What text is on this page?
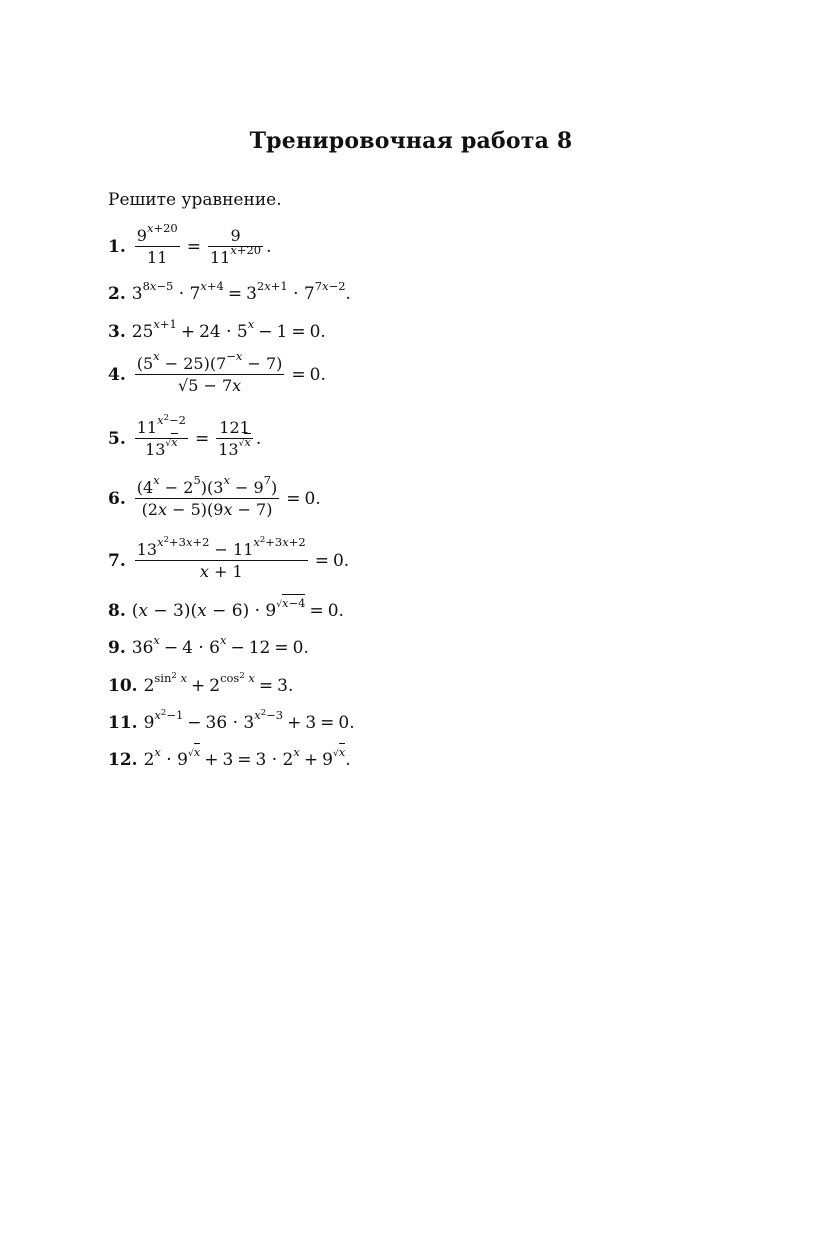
Тренировочная работа 8
Решите уравнение.
1. $\frac{9^{x+20}}{11} = \frac{9}{11^{x+20}}$ .
2. $3^{8x-5} \cdot 7^{x+4} = 3^{2x+1} \cdot 7^{7x-2}$.
3. $25^{x+1} + 24 \cdot 5^x - 1 = 0$.
4. $\frac{(5^x - 25)(7^{-x} - 7)}{√5 - 7x} = 0$.
5. $\frac{11^{x^2-2}}{13^{√x}} = \frac{121}{13^{√x}}$ .
6. $\frac{(4^x - 2^5)(3^x - 9^7)}{(2x - 5)(9x - 7)} = 0$.
7. $\frac{13^{x^2+3x+2} - 11^{x^2+3x+2}}{x + 1} = 0$.
8. $(x - 3)(x - 6) \cdot 9^{√x-4} = 0$.
9. $36^x - 4 \cdot 6^x - 12 = 0$.
10. $2^{sin^2 x} + 2^{cos^2 x} = 3$.
11. $9^{x^2-1} - 36 \cdot 3^{x^2-3} + 3 = 0$.
12. $2^x \cdot 9^{√x} + 3 = 3 \cdot 2^x + 9^{√x}$.
